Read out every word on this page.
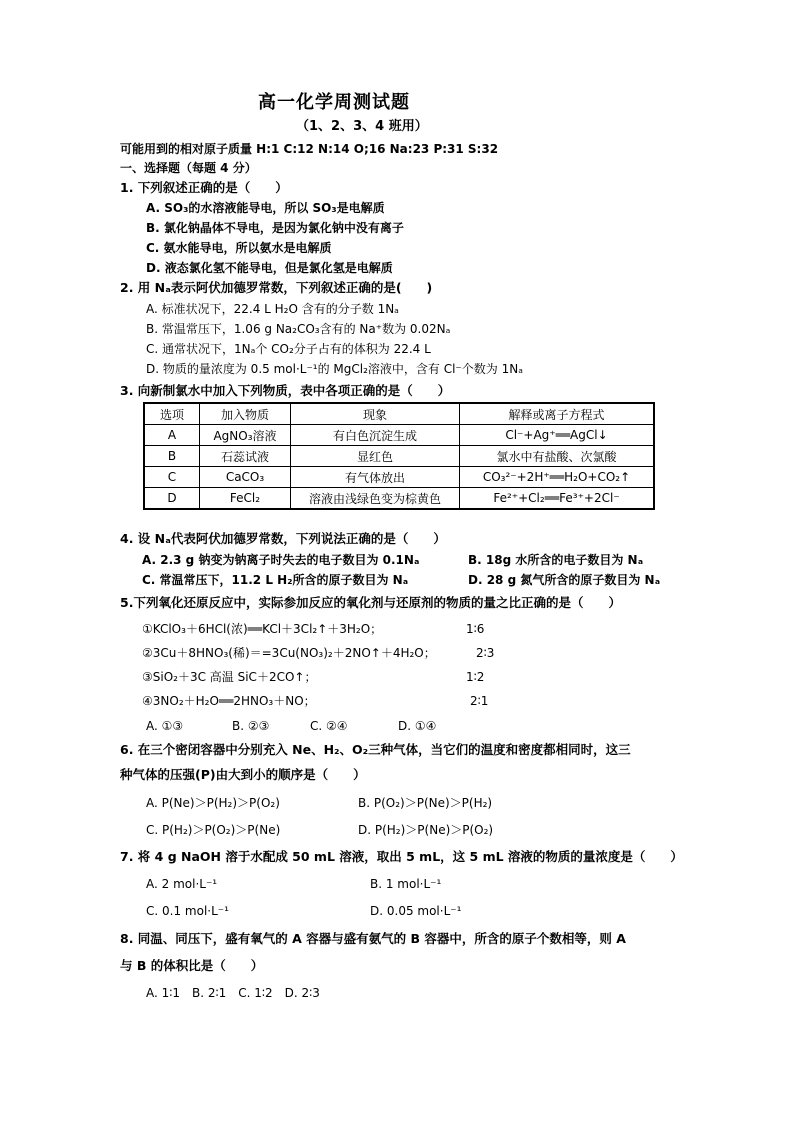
高一化学周测试题
（1、2、3、4 班用）
可能用到的相对原子质量 H:1 C:12 N:14 O;16 Na:23 P:31 S:32
一、选择题（每题 4 分）
1. 下列叙述正确的是（　　）
A. SO₃的水溶液能导电，所以 SO₃是电解质
B. 氯化钠晶体不导电，是因为氯化钠中没有离子
C. 氨水能导电，所以氨水是电解质
D. 液态氯化氢不能导电，但是氯化氢是电解质
2. 用 Nₐ表示阿伏加德罗常数，下列叙述正确的是(　　)
A. 标准状况下，22.4 L H₂O 含有的分子数 1Nₐ
B. 常温常压下，1.06 g Na₂CO₃含有的 Na⁺数为 0.02Nₐ
C. 通常状况下，1Nₐ个 CO₂分子占有的体积为 22.4 L
D. 物质的量浓度为 0.5 mol·L⁻¹的 MgCl₂溶液中，含有 Cl⁻个数为 1Nₐ
3. 向新制氯水中加入下列物质，表中各项正确的是（　　）
选项	加入物质	现象	解释或离子方程式
A	AgNO₃溶液	有白色沉淀生成	Cl⁻+Ag⁺══AgCl↓
B	石蕊试液	显红色	氯水中有盐酸、次氯酸
C	CaCO₃	有气体放出	CO₃²⁻+2H⁺══H₂O+CO₂↑
D	FeCl₂	溶液由浅绿色变为棕黄色	Fe²⁺+Cl₂══Fe³⁺+2Cl⁻
4. 设 Nₐ代表阿伏加德罗常数，下列说法正确的是（　　）
A. 2.3 g 钠变为钠离子时失去的电子数目为 0.1Nₐ	B. 18g 水所含的电子数目为 Nₐ
C. 常温常压下，11.2 L H₂所含的原子数目为 Nₐ	D. 28 g 氮气所含的原子数目为 Nₐ
5.下列氧化还原反应中，实际参加反应的氧化剂与还原剂的物质的量之比正确的是（　　）
①KClO₃＋6HCl(浓)══KCl＋3Cl₂↑＋3H₂O；	1∶6
②3Cu＋8HNO₃(稀)＝=3Cu(NO₃)₂＋2NO↑＋4H₂O；	2∶3
③SiO₂＋3C 高温 SiC＋2CO↑；	1∶2
④3NO₂＋H₂O══2HNO₃＋NO；	2∶1
A. ①③	B. ②③	C. ②④	D. ①④
6. 在三个密闭容器中分别充入 Ne、H₂、O₂三种气体，当它们的温度和密度都相同时，这三
种气体的压强(P)由大到小的顺序是（　　）
A. P(Ne)＞P(H₂)＞P(O₂)	B. P(O₂)＞P(Ne)＞P(H₂)
C. P(H₂)＞P(O₂)＞P(Ne)	D. P(H₂)＞P(Ne)＞P(O₂)
7. 将 4 g NaOH 溶于水配成 50 mL 溶液，取出 5 mL，这 5 mL 溶液的物质的量浓度是（　　）
A. 2 mol·L⁻¹	B. 1 mol·L⁻¹
C. 0.1 mol·L⁻¹	D. 0.05 mol·L⁻¹
8. 同温、同压下，盛有氧气的 A 容器与盛有氨气的 B 容器中，所含的原子个数相等，则 A
与 B 的体积比是（　　）
A. 1∶1　B. 2∶1　C. 1∶2　D. 2∶3
